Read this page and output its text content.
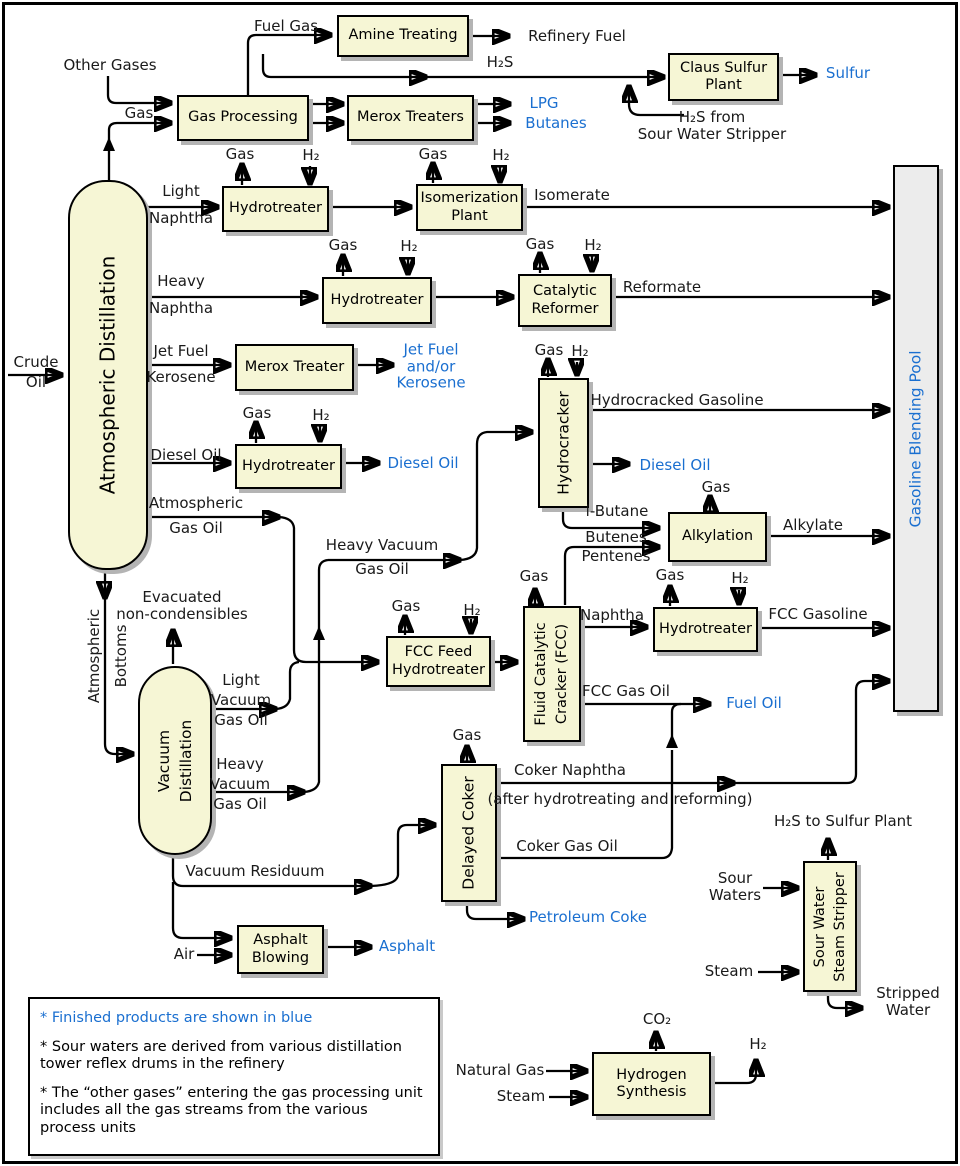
Amine Treating
Gas Processing	Merox Treaters
Claus Sulfur
Plant
Hydrotreater
Isomerization
Plant
Hydrotreater
Catalytic
Reformer
Merox Treater
Hydrotreater
Alkylation
Hydrotreater
FCC Feed
Hydrotreater
Asphalt
Blowing
Hydrogen
Synthesis
Hydrocracker
Fluid Catalytic Cracker (FCC)
Delayed Coker
Sour Water Steam Stripper
Atmospheric Distillation
Vacuum Distillation
Gasoline Blending Pool
Fuel Gas
Refinery Fuel
H₂S
Sulfur
Other Gases
Gas
LPG
Butanes	H₂S from
Sour Water Stripper
Gas	H₂
Light
Naphtha
Gas	H₂
Isomerate
Gas	H₂
Heavy
Naphtha
Gas H₂
Reformate
Jet Fuel
Kerosene
Jet Fuel
and/or
Kerosene
Gas H₂
Hydrocracked Gasoline
Gas	H₂
Diesel Oil	Diesel Oil	Diesel Oil
Atmospheric
Gas Oil
i-Butane
Gas
Alkylate
Butenes
Pentenes
Heavy Vacuum
Gas Oil	Gas	Gas	H₂
Evacuated
non-condensibles	Gas	H₂	Naphtha	FCC Gasoline
FCC Gas Oil
Fuel Oil
Light
Vacuum
Gas Oil
Heavy
Vacuum
Gas Oil
Atmospheric Bottoms
Gas
Coker Naphtha
(after hydrotreating and reforming)
Coker Gas Oil
Vacuum Residuum
H₂S to Sulfur Plant
Sour
Waters
Steam
Stripped
Water
Petroleum Coke
Air	Asphalt
CO₂
Natural Gas
Steam
H₂
Crude
Oil

* Finished products are shown in blue

* Sour waters are derived from various distillation tower reflex drums in the refinery

* The “other gases” entering the gas processing unit includes all the gas streams from the various process units
